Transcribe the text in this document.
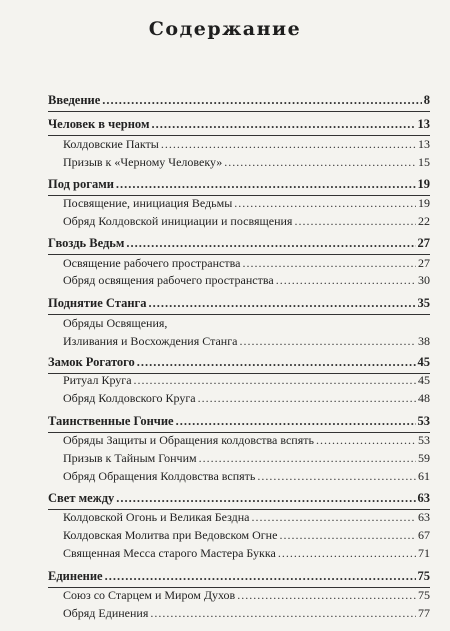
Содержание
Введение .....	8
Человек в черном .....	13
Колдовские Пакты .....	13
Призыв к «Черному Человеку» .....	15
Под рогами .....	19
Посвящение, инициация Ведьмы .....	19
Обряд Колдовской инициации и посвящения .....	22
Гвоздь Ведьм .....	27
Освящение рабочего пространства .....	27
Обряд освящения рабочего пространства .....	30
Поднятие Станга .....	35
Обряды Освящения,
Изливания и Восхождения Станга .....	38
Замок Рогатого .....	45
Ритуал Круга .....	45
Обряд Колдовского Круга .....	48
Таинственные Гончие .....	53
Обряды Защиты и Обращения колдовства вспять .....	53
Призыв к Тайным Гончим .....	59
Обряд Обращения Колдовства вспять .....	61
Свет между .....	63
Колдовской Огонь и Великая Бездна .....	63
Колдовская Молитва при Ведовском Огне .....	67
Священная Месса старого Мастера Букка .....	71
Единение .....	75
Союз со Старцем и Миром Духов .....	75
Обряд Единения .....	77
